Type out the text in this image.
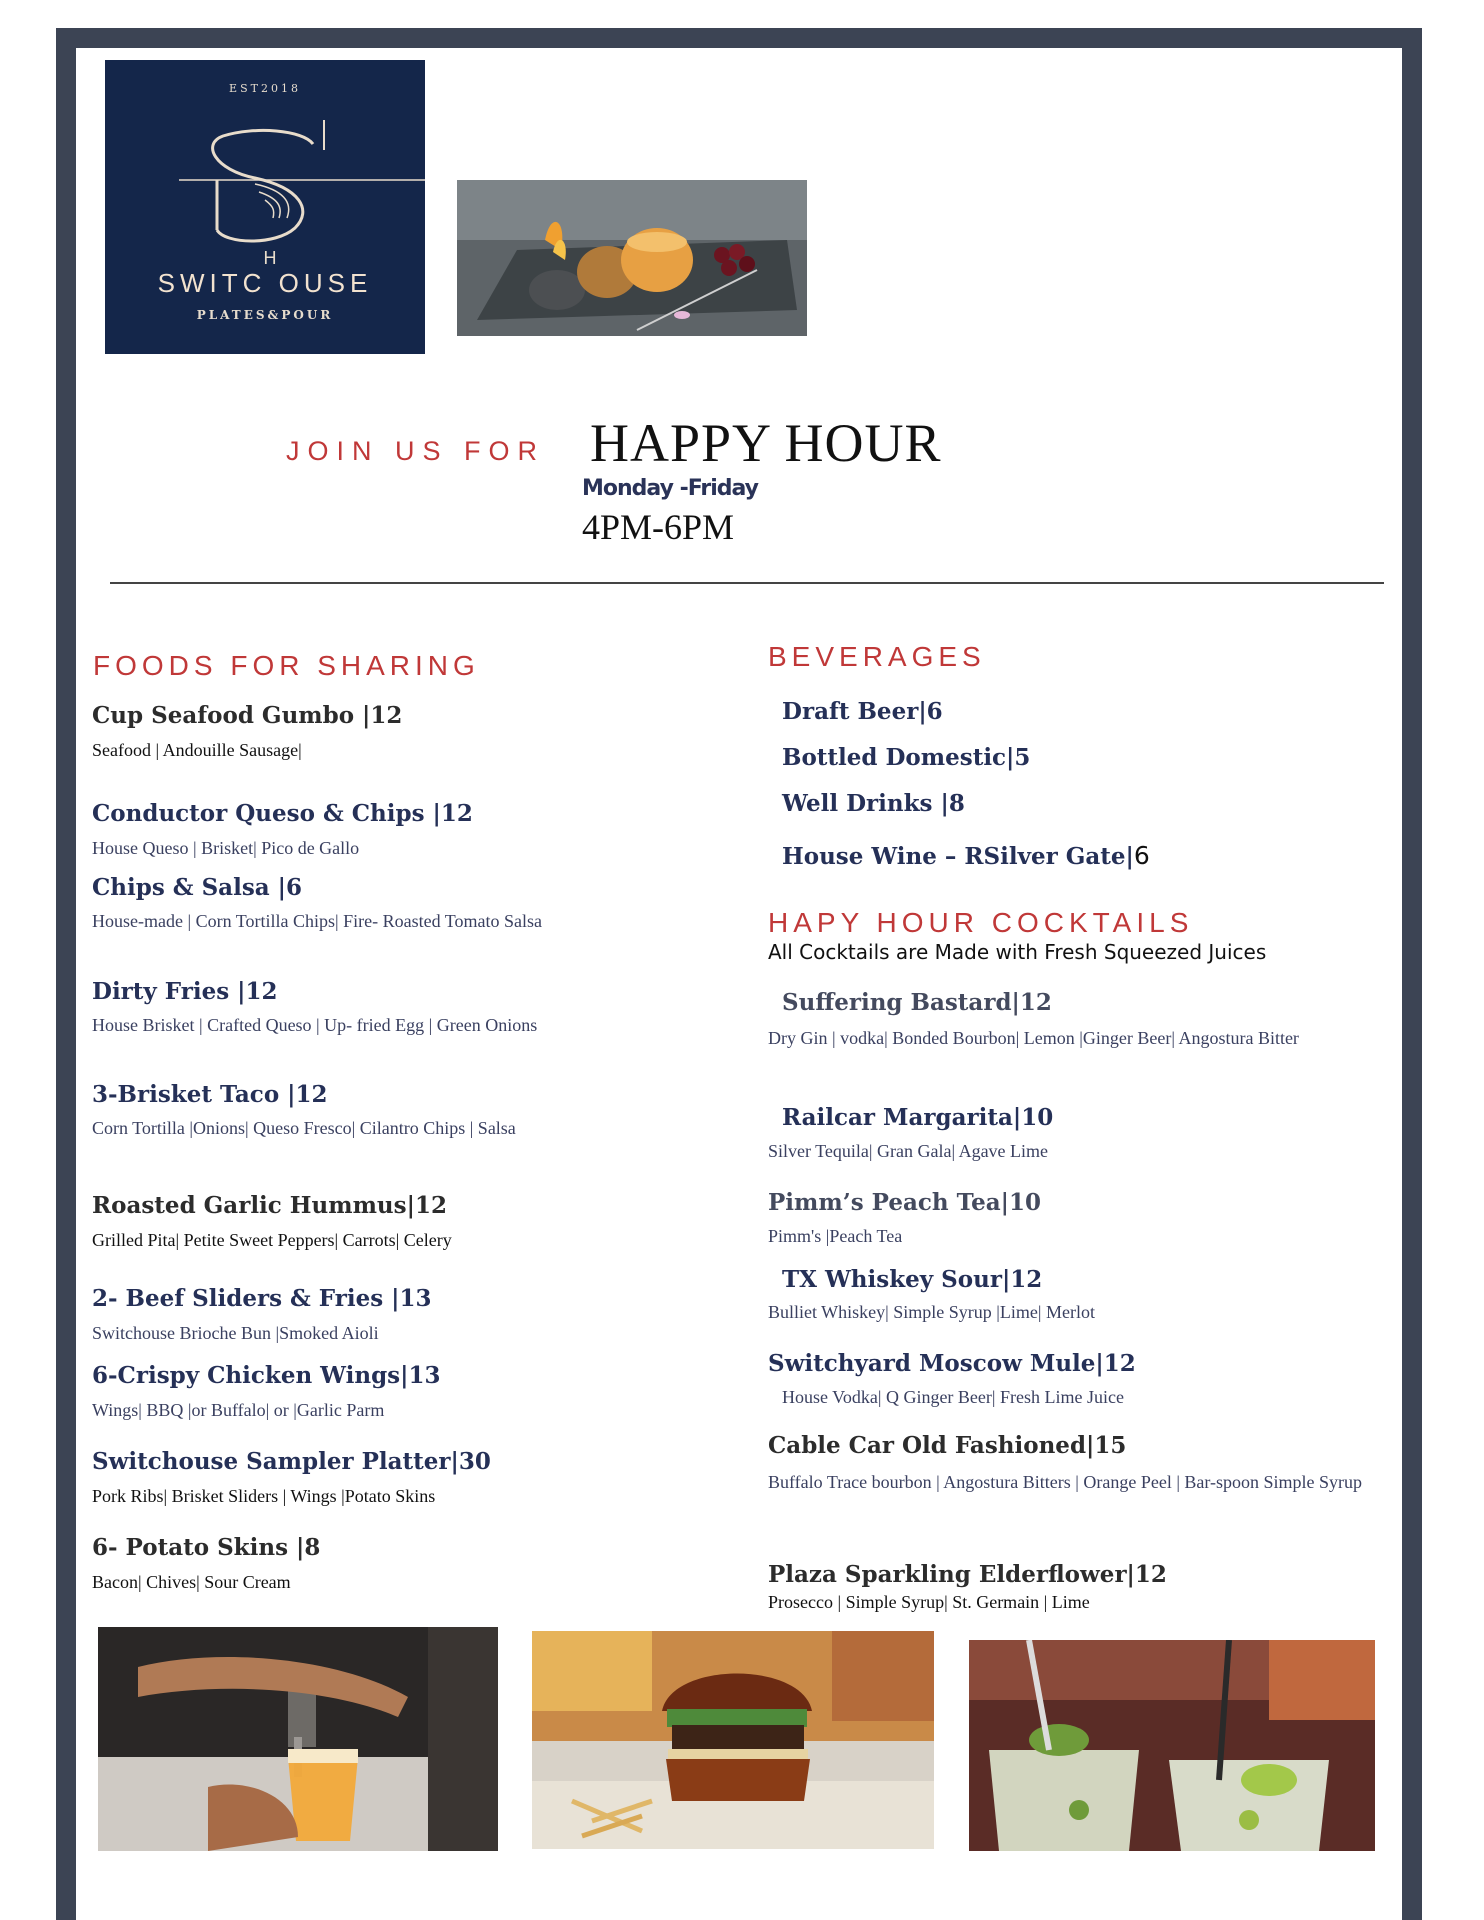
EST2018
H
SWITC OUSE
PLATES&POUR
JOIN US FOR HAPPY HOUR
Monday -Friday
4PM-6PM
FOODS FOR SHARING
Cup Seafood Gumbo |12
Seafood | Andouille Sausage|
Conductor Queso & Chips |12
House Queso | Brisket| Pico de Gallo
Chips & Salsa |6
House-made | Corn Tortilla Chips| Fire- Roasted Tomato Salsa
Dirty Fries |12
House Brisket | Crafted Queso | Up- fried Egg | Green Onions
3-Brisket Taco |12
Corn Tortilla |Onions| Queso Fresco| Cilantro Chips | Salsa
Roasted Garlic Hummus|12
Grilled Pita| Petite Sweet Peppers| Carrots| Celery
2- Beef Sliders & Fries |13
Switchouse Brioche Bun |Smoked Aioli
6-Crispy Chicken Wings|13
Wings| BBQ |or Buffalo| or |Garlic Parm
Switchouse Sampler Platter|30
Pork Ribs| Brisket Sliders | Wings |Potato Skins
6- Potato Skins |8
Bacon| Chives| Sour Cream
BEVERAGES
Draft Beer|6
Bottled Domestic|5
Well Drinks |8
House Wine – RSilver Gate|6
HAPY HOUR COCKTAILS
All Cocktails are Made with Fresh Squeezed Juices
Suffering Bastard|12
Dry Gin | vodka| Bonded Bourbon| Lemon |Ginger Beer| Angostura Bitter
Railcar Margarita|10
Silver Tequila| Gran Gala| Agave Lime
Pimm’s Peach Tea|10
Pimm's |Peach Tea
TX Whiskey Sour|12
Bulliet Whiskey| Simple Syrup |Lime| Merlot
Switchyard Moscow Mule|12
House Vodka| Q Ginger Beer| Fresh Lime Juice
Cable Car Old Fashioned|15
Buffalo Trace bourbon | Angostura Bitters | Orange Peel | Bar-spoon Simple Syrup
Plaza Sparkling Elderflower|12
Prosecco | Simple Syrup| St. Germain | Lime
